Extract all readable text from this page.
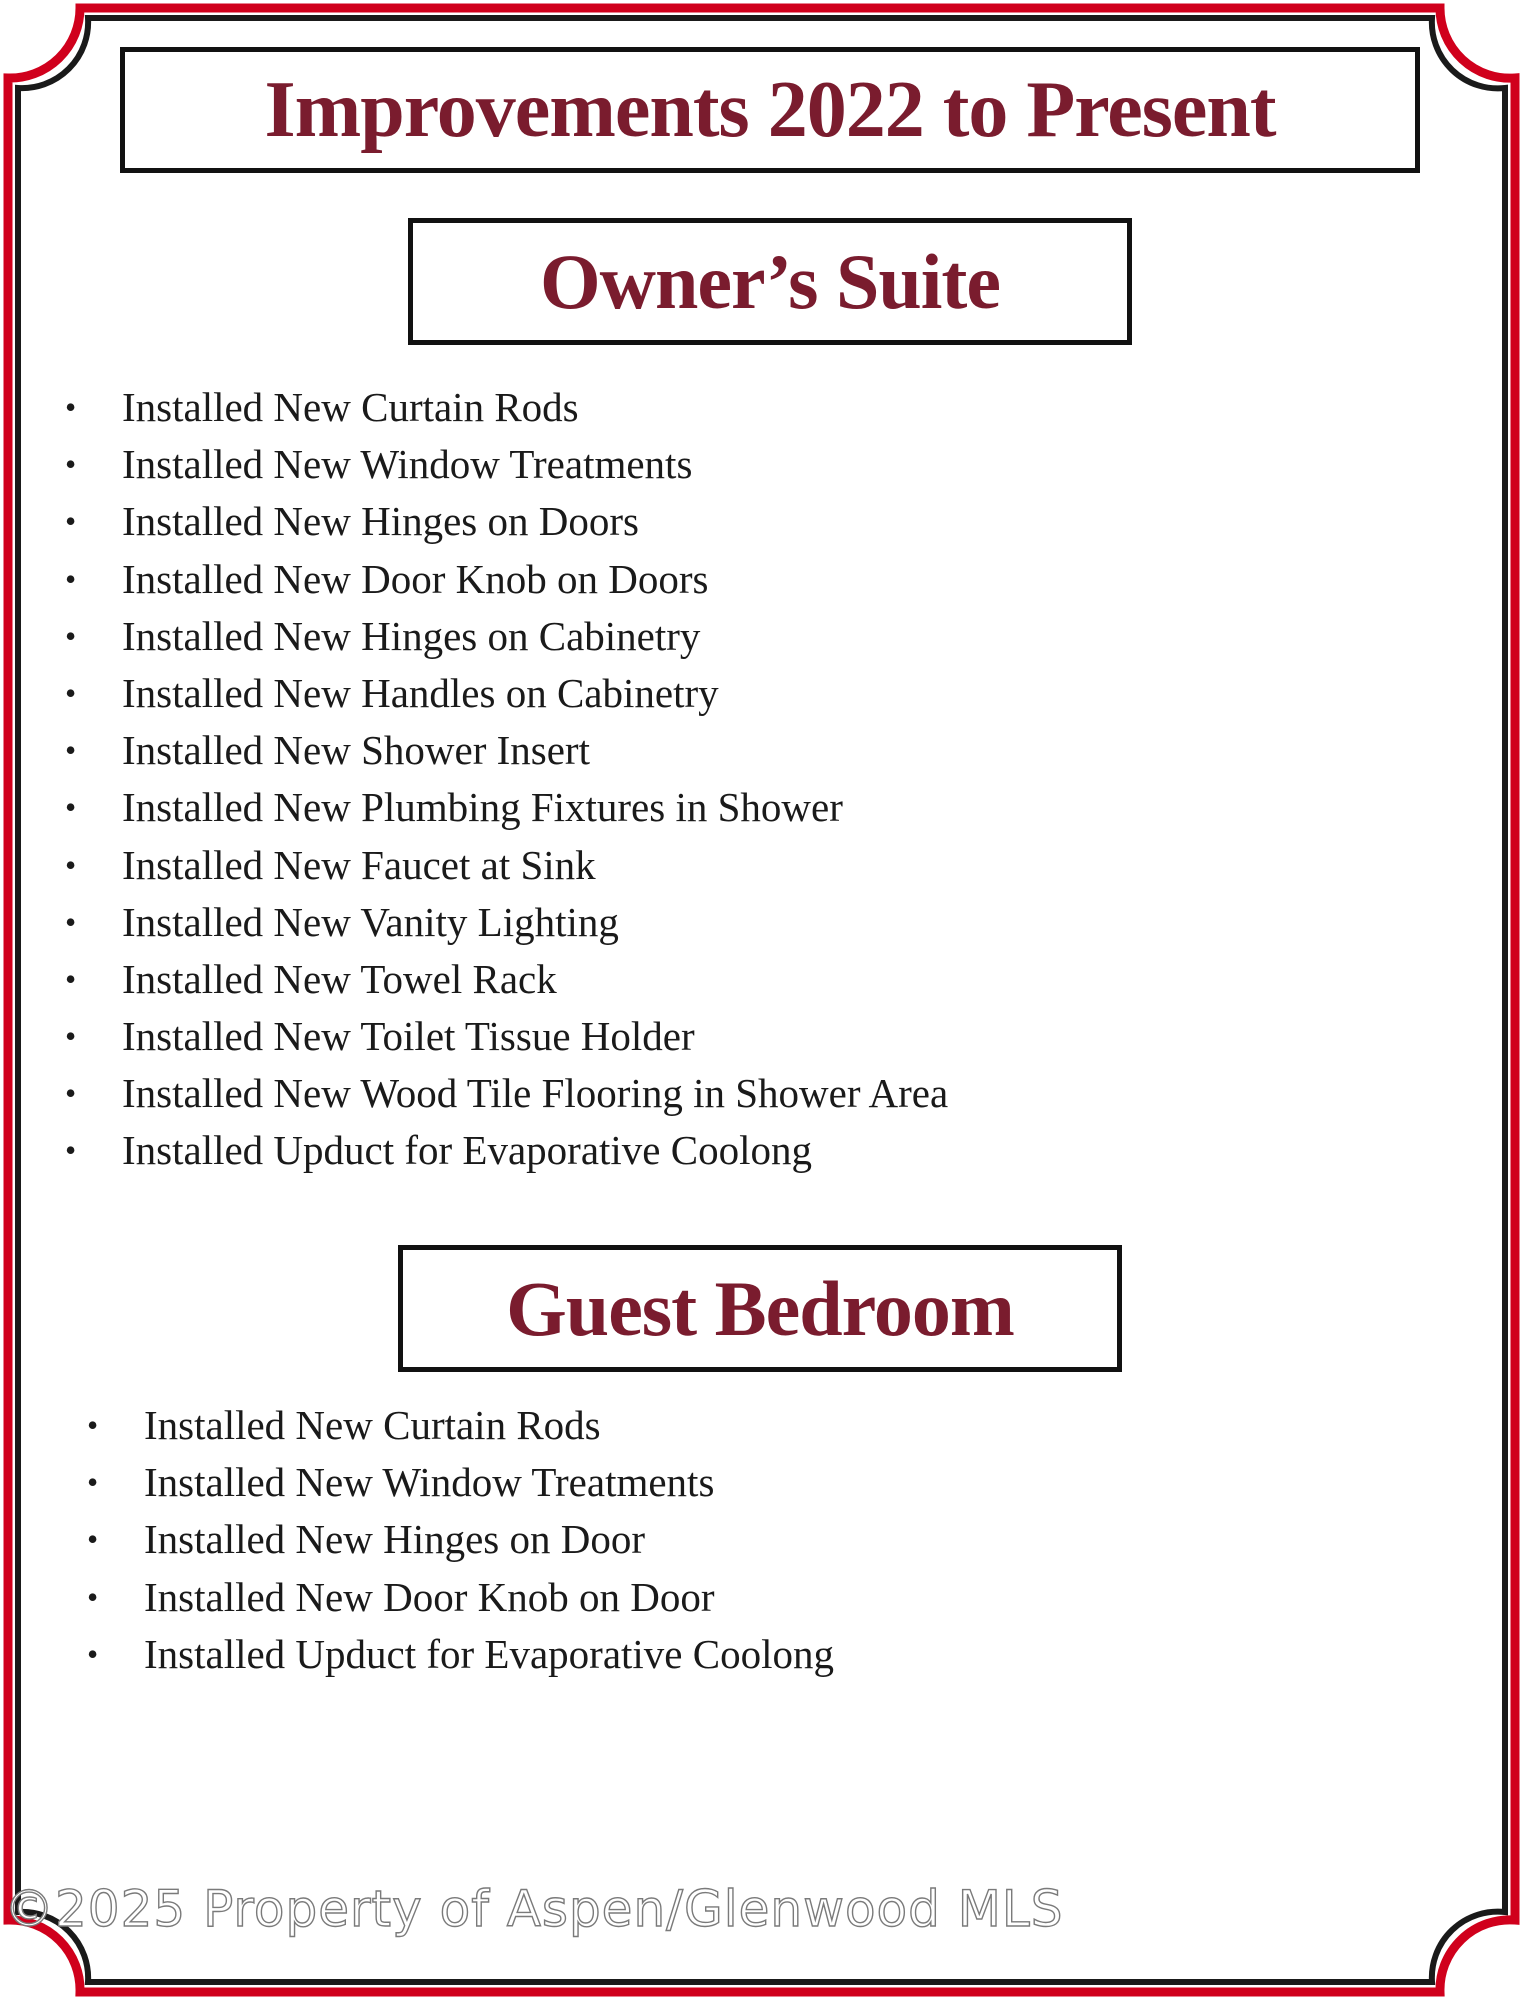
Improvements 2022 to Present
Owner’s Suite
• Installed New Curtain Rods
• Installed New Window Treatments
• Installed New Hinges on Doors
• Installed New Door Knob on Doors
• Installed New Hinges on Cabinetry
• Installed New Handles on Cabinetry
• Installed New Shower Insert
• Installed New Plumbing Fixtures in Shower
• Installed New Faucet at Sink
• Installed New Vanity Lighting
• Installed New Towel Rack
• Installed New Toilet Tissue Holder
• Installed New Wood Tile Flooring in Shower Area
• Installed Upduct for Evaporative Coolong
Guest Bedroom
• Installed New Curtain Rods
• Installed New Window Treatments
• Installed New Hinges on Door
• Installed New Door Knob on Door
• Installed Upduct for Evaporative Coolong
©2025 Property of Aspen/Glenwood MLS
